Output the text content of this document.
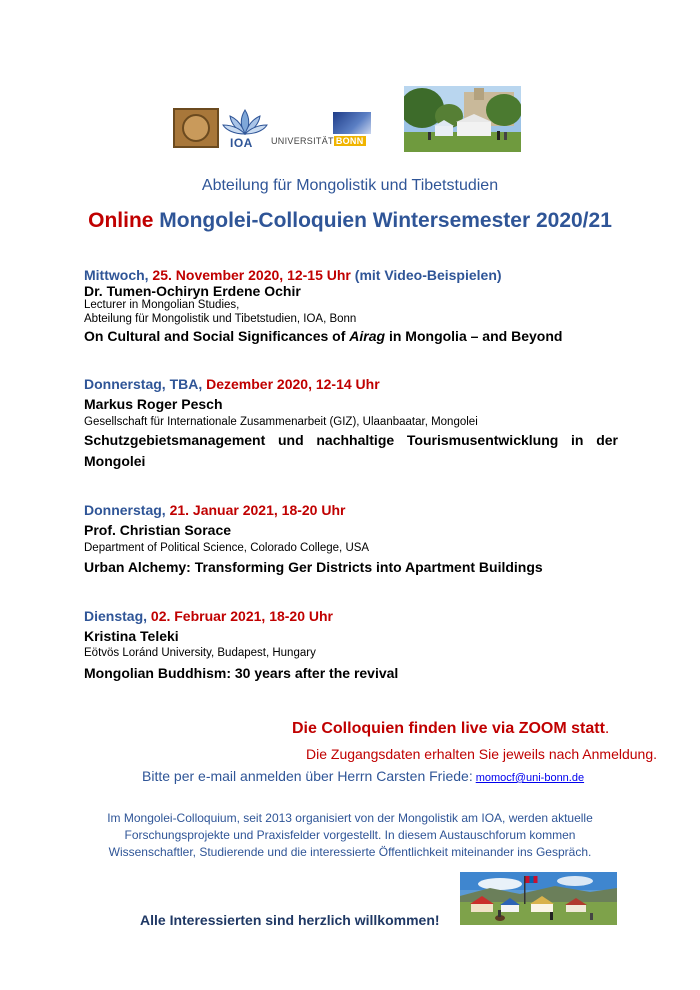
IOA UNIVERSITÄT BONN
Abteilung für Mongolistik und Tibetstudien
Online Mongolei-Colloquien Wintersemester 2020/21
Mittwoch, 25. November 2020, 12-15 Uhr (mit Video-Beispielen)
Dr. Tumen-Ochiryn Erdene Ochir
Lecturer in Mongolian Studies,
Abteilung für Mongolistik und Tibetstudien, IOA, Bonn
On Cultural and Social Significances of Airag in Mongolia – and Beyond
Donnerstag, TBA, Dezember 2020, 12-14 Uhr
Markus Roger Pesch
Gesellschaft für Internationale Zusammenarbeit (GIZ), Ulaanbaatar, Mongolei
Schutzgebietsmanagement und nachhaltige Tourismusentwicklung in der
Mongolei
Donnerstag, 21. Januar 2021, 18-20 Uhr
Prof. Christian Sorace
Department of Political Science, Colorado College, USA
Urban Alchemy: Transforming Ger Districts into Apartment Buildings
Dienstag, 02. Februar 2021, 18-20 Uhr
Kristina Teleki
Eötvös Loránd University, Budapest, Hungary
Mongolian Buddhism: 30 years after the revival
Die Colloquien finden live via ZOOM statt.
Die Zugangsdaten erhalten Sie jeweils nach Anmeldung.
Bitte per e-mail anmelden über Herrn Carsten Friede: momocf@uni-bonn.de
Im Mongolei-Colloquium, seit 2013 organisiert von der Mongolistik am IOA, werden aktuelle
Forschungsprojekte und Praxisfelder vorgestellt. In diesem Austauschforum kommen
Wissenschaftler, Studierende und die interessierte Öffentlichkeit miteinander ins Gespräch.
Alle Interessierten sind herzlich willkommen!
